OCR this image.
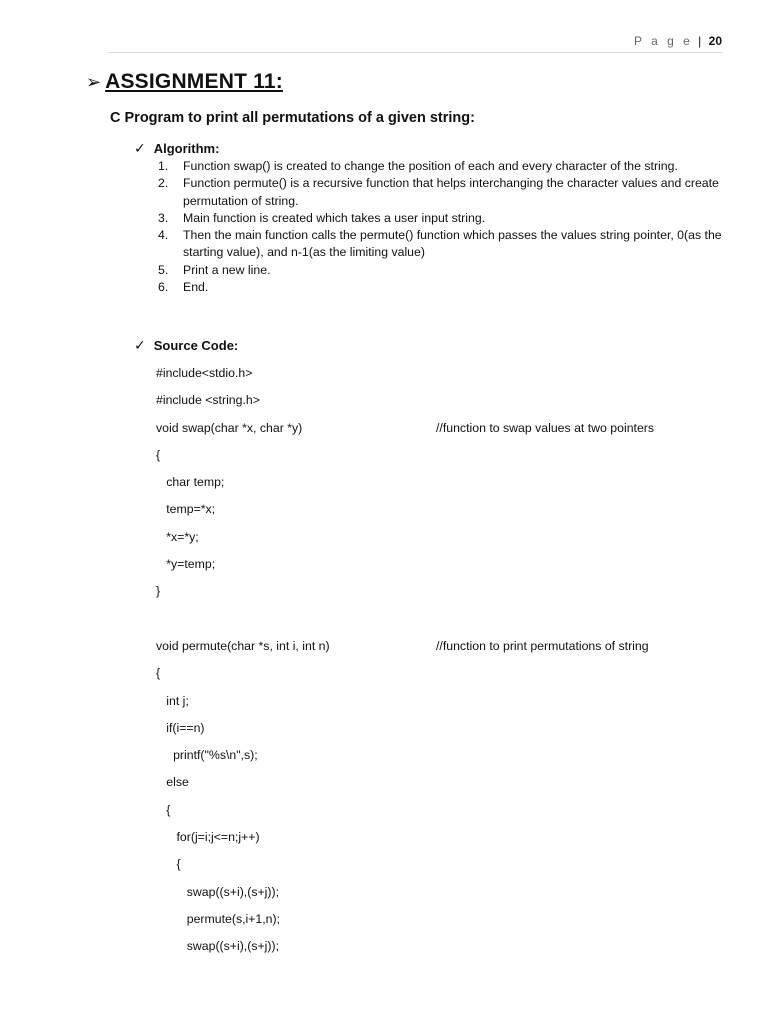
P a g e | 20
➢ ASSIGNMENT 11:
C Program to print all permutations of a given string:
✓ Algorithm:
1.	Function swap() is created to change the position of each and every character of the string.
2.	Function permute() is a recursive function that helps interchanging the character values and create permutation of string.
3.	Main function is created which takes a user input string.
4.	Then the main function calls the permute() function which passes the values string pointer, 0(as the starting value), and n-1(as the limiting value)
5.	Print a new line.
6.	End.
✓ Source Code:
#include<stdio.h>
#include <string.h>
void swap(char *x, char *y)	//function to swap values at two pointers
{
char temp;
temp=*x;
*x=*y;
*y=temp;
}
void permute(char *s, int i, int n)	//function to print permutations of string
{
int j;
if(i==n)
printf("%s\n",s);
else
{
for(j=i;j<=n;j++)
{
swap((s+i),(s+j));
permute(s,i+1,n);
swap((s+i),(s+j));
